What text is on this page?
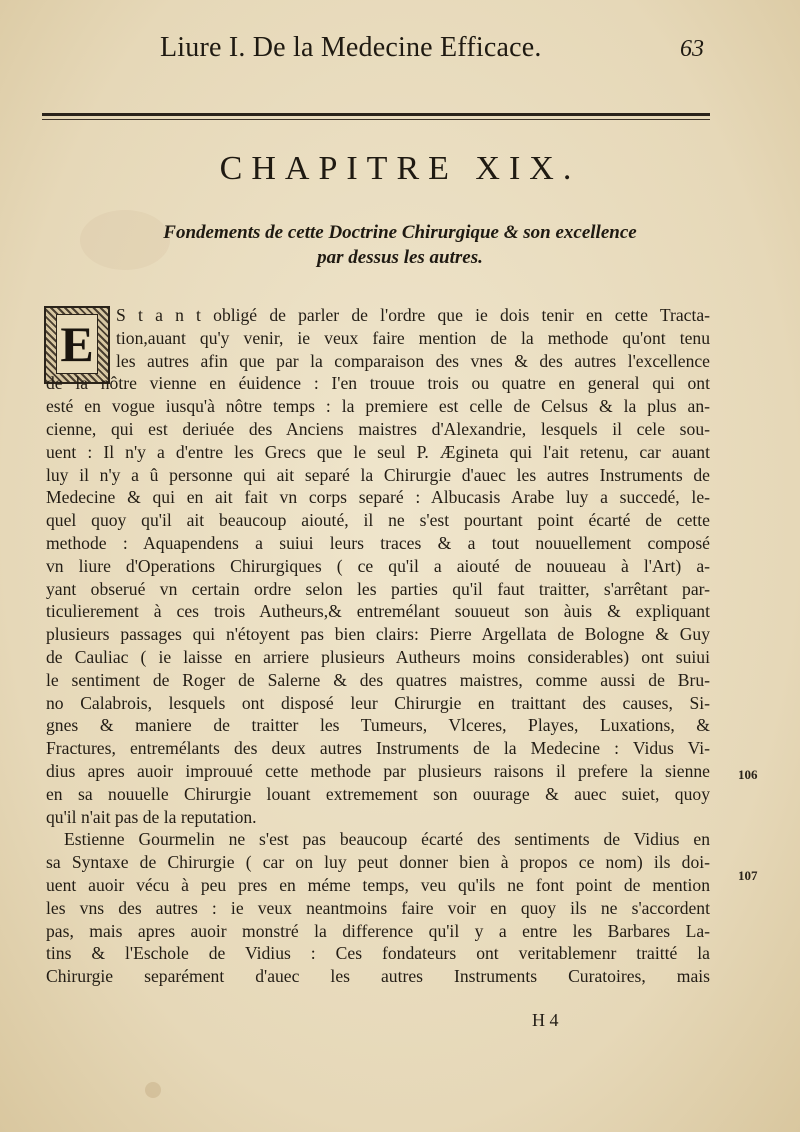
Liure I. De la Medecine Efficace.	63
CHAPITRE XIX.
Fondements de cette Doctrine Chirurgique & son excellence
par dessus les autres.
E
S t a n t obligé de parler de l'ordre que ie dois tenir en cette Tracta-
tion,auant qu'y venir, ie veux faire mention de la methode qu'ont tenu
les autres afin que par la comparaison des vnes & des autres l'excellence
de la nôtre vienne en éuidence : I'en trouue trois ou quatre en general qui ont
esté en vogue iusqu'à nôtre temps : la premiere est celle de Celsus & la plus an-
cienne, qui est deriuée des Anciens maistres d'Alexandrie, lesquels il cele sou-
uent : Il n'y a d'entre les Grecs que le seul P. Ægineta qui l'ait retenu, car auant
luy il n'y a û personne qui ait separé la Chirurgie d'auec les autres Instruments de
Medecine & qui en ait fait vn corps separé : Albucasis Arabe luy a succedé, le-
quel quoy qu'il ait beaucoup aiouté, il ne s'est pourtant point écarté de cette
methode : Aquapendens a suiui leurs traces & a tout nouuellement composé
vn liure d'Operations Chirurgiques ( ce qu'il a aiouté de nouueau à l'Art) a-
yant obserué vn certain ordre selon les parties qu'il faut traitter, s'arrêtant par-
ticulierement à ces trois Autheurs,& entremélant souueut son àuis & expliquant
plusieurs passages qui n'étoyent pas bien clairs: Pierre Argellata de Bologne & Guy
de Cauliac ( ie laisse en arriere plusieurs Autheurs moins considerables) ont suiui
le sentiment de Roger de Salerne & des quatres maistres, comme aussi de Bru-
no Calabrois, lesquels ont disposé leur Chirurgie en traittant des causes, Si-
gnes & maniere de traitter les Tumeurs, Vlceres, Playes, Luxations, &
Fractures, entremélants des deux autres Instruments de la Medecine : Vidus Vi-
dius apres auoir improuué cette methode par plusieurs raisons il prefere la sienne
en sa nouuelle Chirurgie louant extremement son ouurage & auec suiet, quoy
qu'il n'ait pas de la reputation.
Estienne Gourmelin ne s'est pas beaucoup écarté des sentiments de Vidius en
sa Syntaxe de Chirurgie ( car on luy peut donner bien à propos ce nom) ils doi-
uent auoir vécu à peu pres en méme temps, veu qu'ils ne font point de mention
les vns des autres : ie veux neantmoins faire voir en quoy ils ne s'accordent
pas, mais apres auoir monstré la difference qu'il y a entre les Barbares La-
tins & l'Eschole de Vidius : Ces fondateurs ont veritablemenr traitté la
Chirurgie separément d'auec les autres Instruments Curatoires, mais
106
107
H 4
